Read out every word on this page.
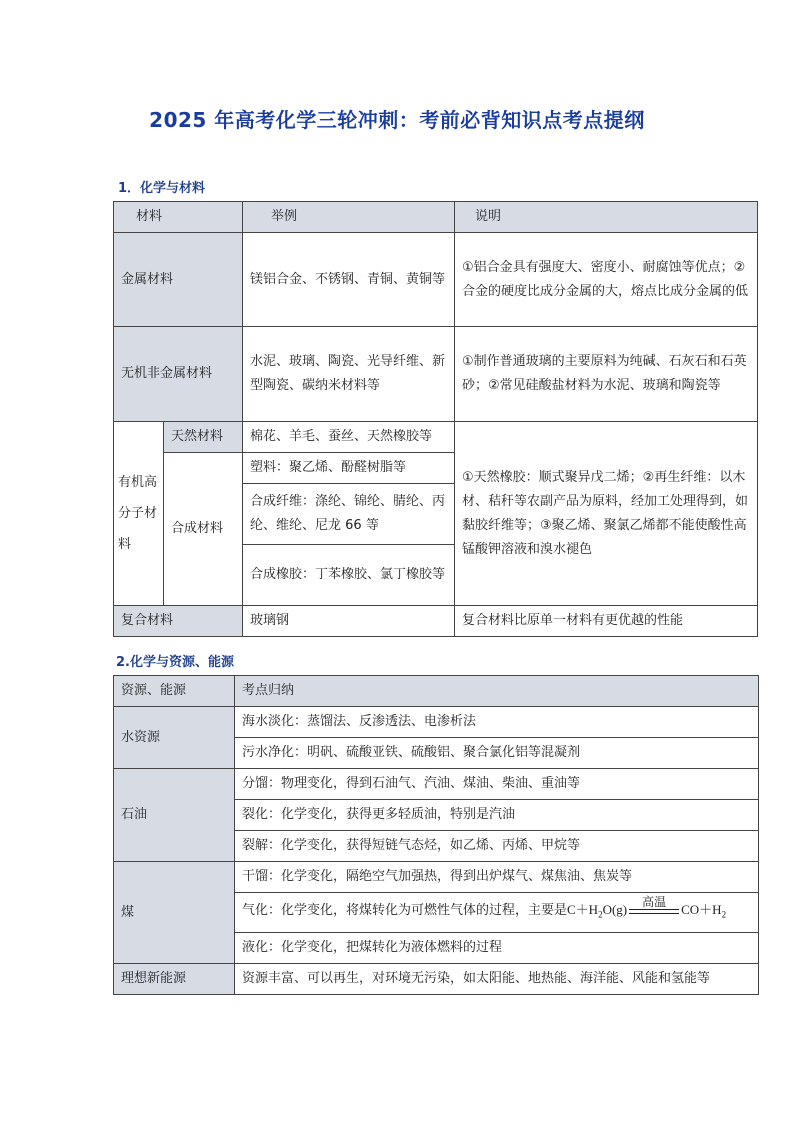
2025 年高考化学三轮冲刺：考前必背知识点考点提纲
1．化学与材料
材料		举例	说明
金属材料		镁铝合金、不锈钢、青铜、黄铜等	①铝合金具有强度大、密度小、耐腐蚀等优点；②合金的硬度比成分金属的大，熔点比成分金属的低
无机非金属材料		水泥、玻璃、陶瓷、光导纤维、新型陶瓷、碳纳米材料等	①制作普通玻璃的主要原料为纯碱、石灰石和石英砂；②常见硅酸盐材料为水泥、玻璃和陶瓷等
有机高分子材料	天然材料	棉花、羊毛、蚕丝、天然橡胶等	①天然橡胶：顺式聚异戊二烯；②再生纤维：以木材、秸秆等农副产品为原料，经加工处理得到，如黏胶纤维等；③聚乙烯、聚氯乙烯都不能使酸性高锰酸钾溶液和溴水褪色
	合成材料	塑料：聚乙烯、酚醛树脂等	
		合成纤维：涤纶、锦纶、腈纶、丙纶、维纶、尼龙 66 等	
		合成橡胶：丁苯橡胶、氯丁橡胶等	
复合材料		玻璃钢	复合材料比原单一材料有更优越的性能
2.化学与资源、能源
资源、能源	考点归纳
水资源	海水淡化：蒸馏法、反渗透法、电渗析法
	污水净化：明矾、硫酸亚铁、硫酸铝、聚合氯化铝等混凝剂
石油	分馏：物理变化，得到石油气、汽油、煤油、柴油、重油等
	裂化：化学变化，获得更多轻质油，特别是汽油
	裂解：化学变化，获得短链气态烃，如乙烯、丙烯、甲烷等
煤	干馏：化学变化，隔绝空气加强热，得到出炉煤气、煤焦油、焦炭等
	气化：化学变化，将煤转化为可燃性气体的过程，主要是$C+H_2O(g)$ 高温 $CO+H_2$
	液化：化学变化，把煤转化为液体燃料的过程
理想新能源	资源丰富、可以再生，对环境无污染，如太阳能、地热能、海洋能、风能和氢能等
